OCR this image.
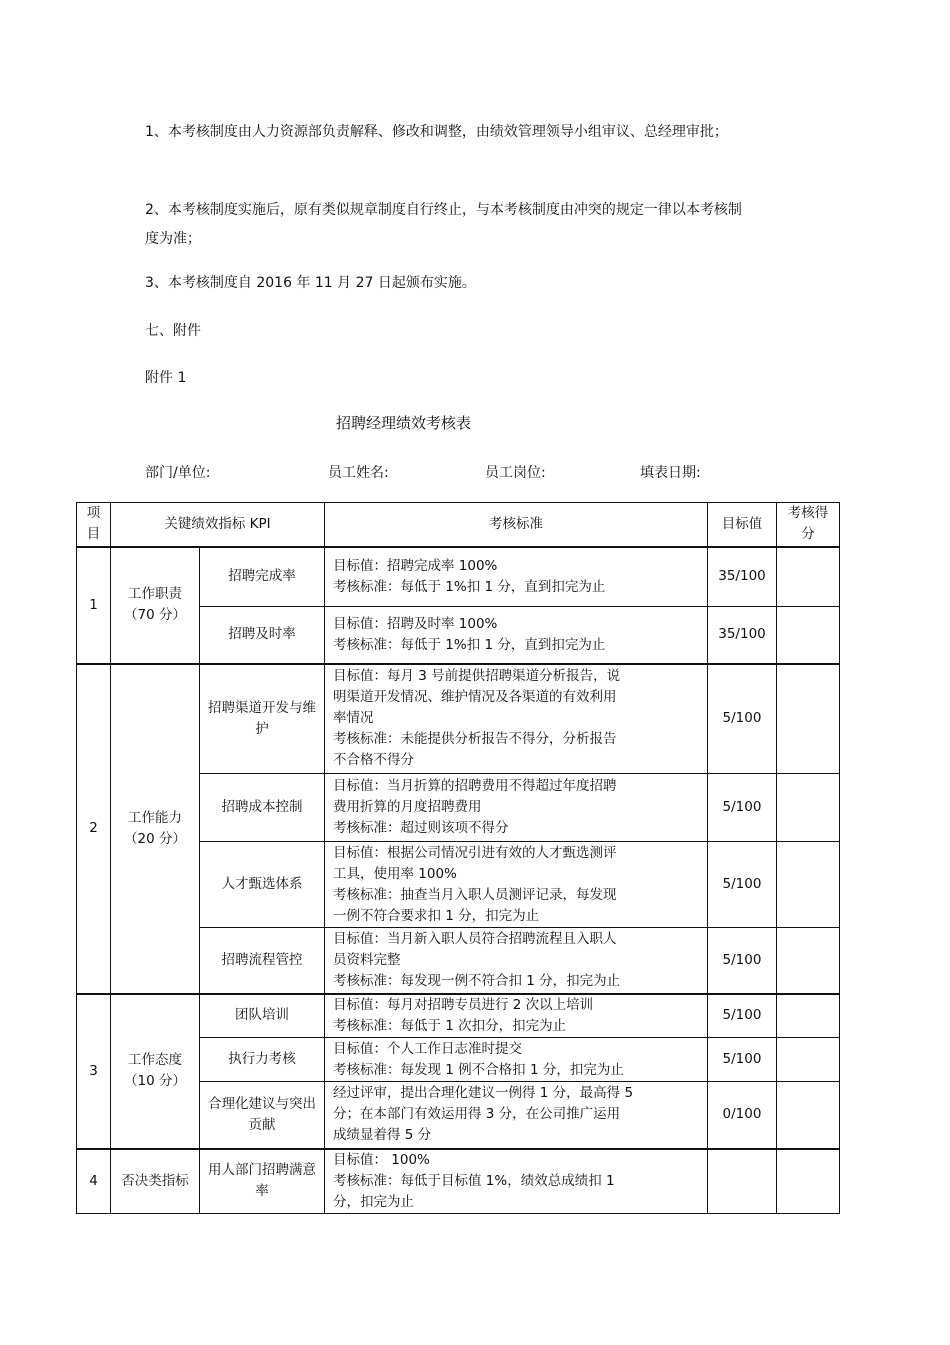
1、本考核制度由人力资源部负责解释、修改和调整，由绩效管理领导小组审议、总经理审批；

2、本考核制度实施后，原有类似规章制度自行终止，与本考核制度由冲突的规定一律以本考核制度为准；

3、本考核制度自 2016 年 11 月 27 日起颁布实施。

七、附件

附件 1

招聘经理绩效考核表

部门/单位:	员工姓名:	员工岗位:	填表日期:

项目	关键绩效指标 KPI		考核标准	目标值	考核得分
1	工作职责（70 分）	招聘完成率	目标值：招聘完成率 100%
考核标准：每低于 1%扣 1 分，直到扣完为止	35/100	
		招聘及时率	目标值：招聘及时率 100%
考核标准：每低于 1%扣 1 分，直到扣完为止	35/100	
2	工作能力（20 分）	招聘渠道开发与维护	目标值：每月 3 号前提供招聘渠道分析报告，说
明渠道开发情况、维护情况及各渠道的有效利用
率情况
考核标准：未能提供分析报告不得分，分析报告
不合格不得分	5/100	
		招聘成本控制	目标值：当月折算的招聘费用不得超过年度招聘
费用折算的月度招聘费用
考核标准：超过则该项不得分	5/100	
		人才甄选体系	目标值：根据公司情况引进有效的人才甄选测评
工具，使用率 100%
考核标准：抽查当月入职人员测评记录，每发现
一例不符合要求扣 1 分，扣完为止	5/100	
		招聘流程管控	目标值：当月新入职人员符合招聘流程且入职人
员资料完整
考核标准：每发现一例不符合扣 1 分，扣完为止	5/100	
3	工作态度（10 分）	团队培训	目标值：每月对招聘专员进行 2 次以上培训
考核标准：每低于 1 次扣分，扣完为止	5/100	
		执行力考核	目标值：个人工作日志准时提交
考核标准：每发现 1 例不合格扣 1 分，扣完为止	5/100	
		合理化建议与突出贡献	经过评审，提出合理化建议一例得 1 分，最高得 5
分；在本部门有效运用得 3 分，在公司推广运用
成绩显着得 5 分	0/100	
4	否决类指标	用人部门招聘满意率	目标值： 100%
考核标准：每低于目标值 1%，绩效总成绩扣 1
分，扣完为止		
